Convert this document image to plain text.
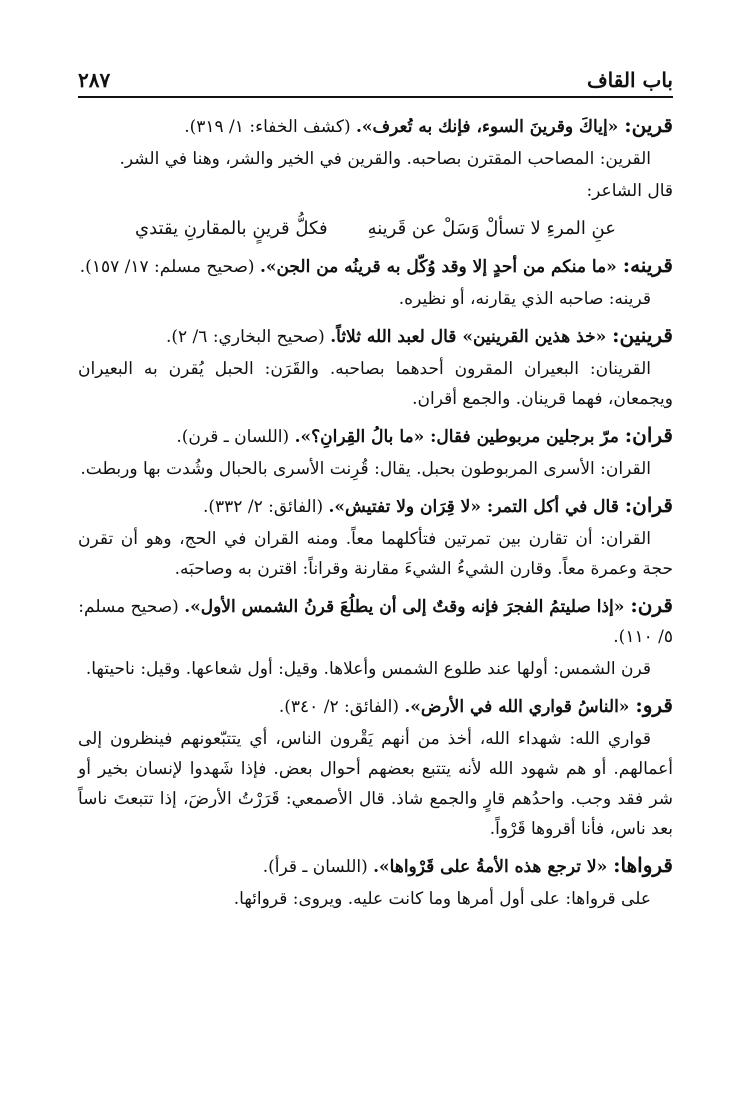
باب القاف
٢٨٧

قرين: «إياكَ وقرينَ السوء، فإنك به تُعرف». (كشف الخفاء: ١/ ٣١٩).

القرين: المصاحب المقترن بصاحبه. والقرين في الخير والشر، وهنا في الشر.

قال الشاعر:

عنِ المرءِ لا تسألْ وَسَلْ عن قَرينهِ
فكلُّ قرينٍ بالمقارنِ يقتدي

قرينه: «ما منكم من أحدٍ إلا وقد وُكّل به قرينُه من الجن». (صحيح مسلم: ١٧/ ١٥٧).

قرينه: صاحبه الذي يقارنه، أو نظيره.

قرينين: «خذ هذين القرينين» قال لعبد الله ثلاثاً. (صحيح البخاري: ٦/ ٢).

القرينان: البعيران المقرون أحدهما بصاحبه. والقَرَن: الحبل يُقرن به البعيران ويجمعان، فهما قرينان. والجمع أقران.

قران: مرّ برجلين مربوطين فقال: «ما بالُ القِرانِ؟». (اللسان ـ قرن).

القران: الأسرى المربوطون بحبل. يقال: قُرِنت الأسرى بالحبال وشُدت بها وربطت.

قران: قال في أكل التمر: «لا قِرَان ولا تفتيش». (الفائق: ٢/ ٣٣٢).

القران: أن تقارن بين تمرتين فتأكلهما معاً. ومنه القران في الحج، وهو أن تقرن حجة وعمرة معاً. وقارن الشيءُ الشيءَ مقارنة وقراناً: اقترن به وصاحبَه.

قرن: «إذا صليتمُ الفجرَ فإنه وقتٌ إلى أن يطلُعَ قرنُ الشمس الأول». (صحيح مسلم: ٥/ ١١٠).

قرن الشمس: أولها عند طلوع الشمس وأعلاها. وقيل: أول شعاعها. وقيل: ناحيتها.

قرو: «الناسُ قواري الله في الأرض». (الفائق: ٢/ ٣٤٠).

قواري الله: شهداء الله، أخذ من أنهم يَقْرون الناس، أي يتتبّعونهم فينظرون إلى أعمالهم. أو هم شهود الله لأنه يتتبع بعضهم أحوال بعض. فإذا شَهدوا لإنسان بخير أو شر فقد وجب. واحدُهم قارٍ والجمع شاذ. قال الأصمعي: قَرَرْتُ الأرضَ، إذا تتبعتَ ناساً بعد ناس، فأنا أقروها قَرْواً.

قرواها: «لا ترجع هذه الأمةُ على قَرْواها». (اللسان ـ قرأ).

على قرواها: على أول أمرها وما كانت عليه. ويروى: قروائها.
